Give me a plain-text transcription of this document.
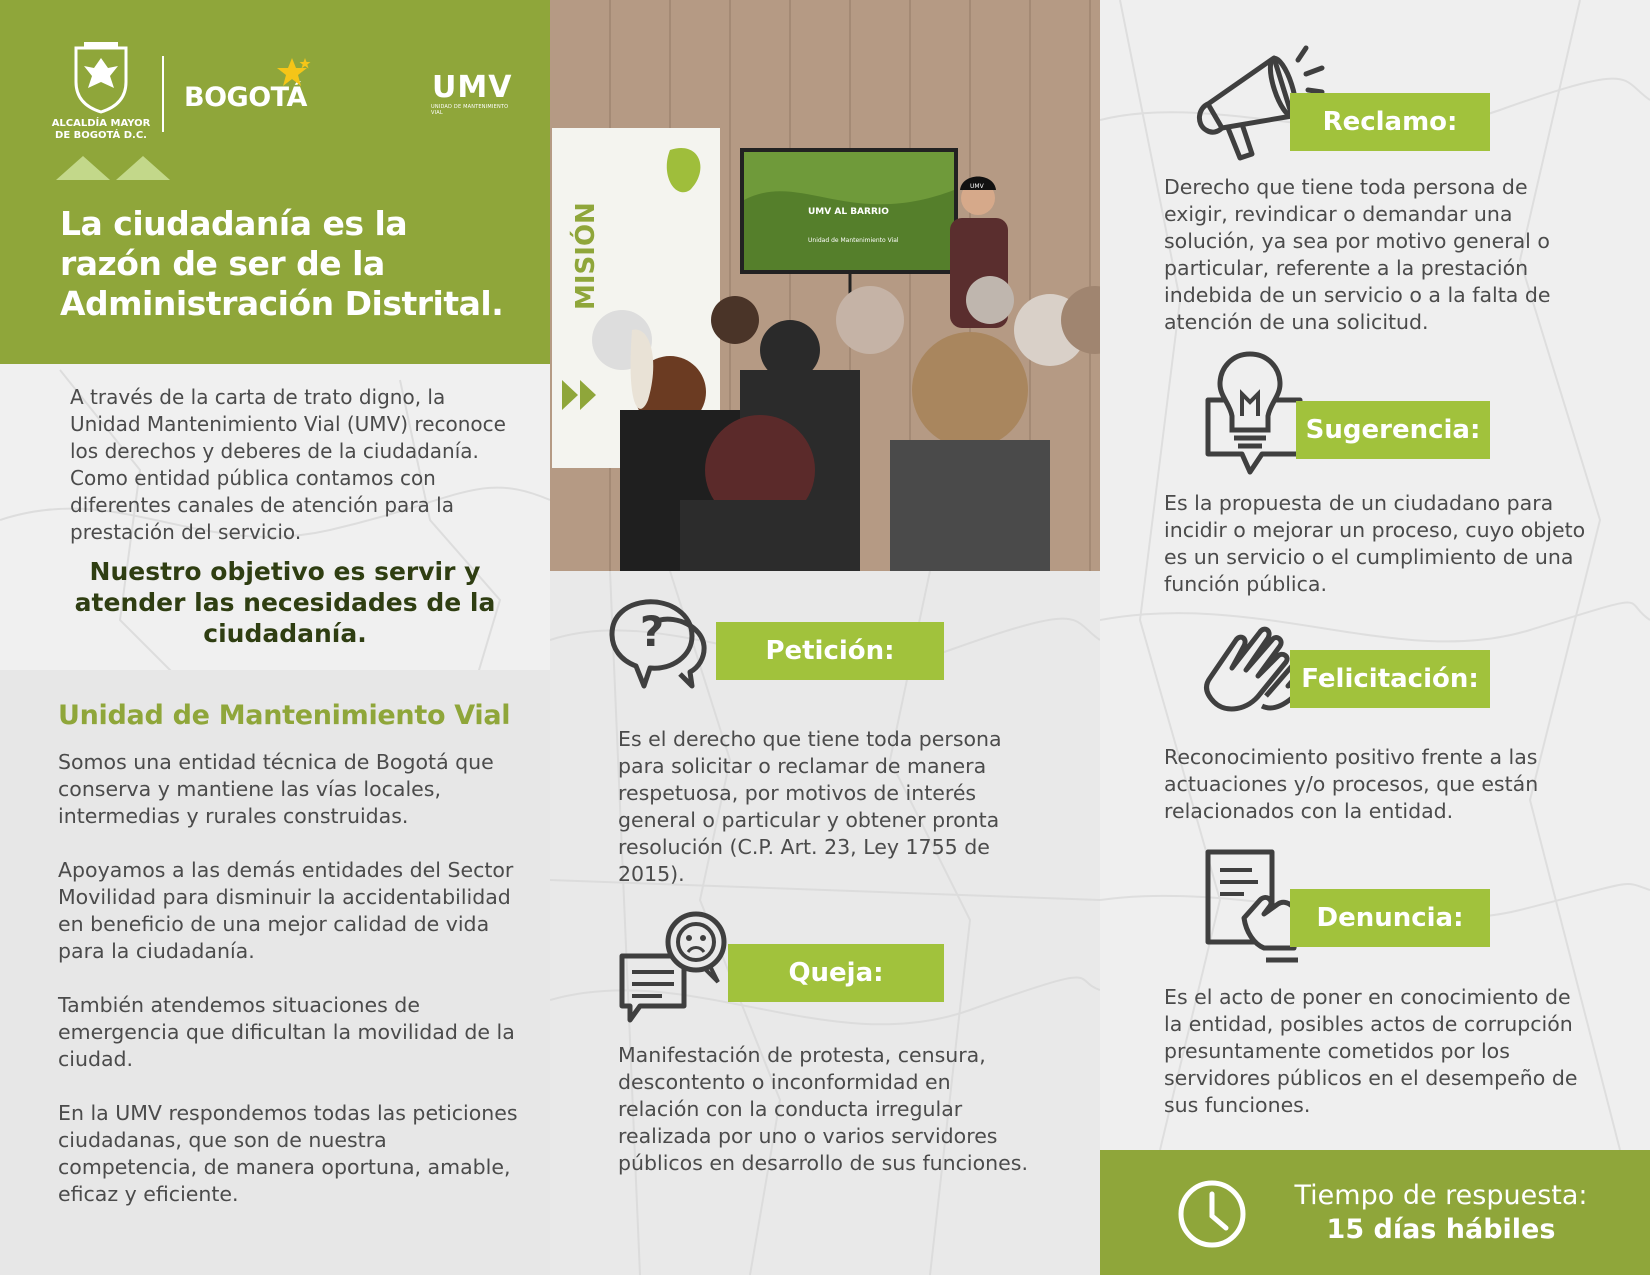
ALCALDÍA MAYOR
DE BOGOTÁ D.C.
BOGOTÁ	UMV
UNIDAD DE MANTENIMIENTO VIAL
La ciudadanía es la
razón de ser de la
Administración Distrital.

A través de la carta de trato digno, la Unidad Mantenimiento Vial (UMV) reconoce los derechos y deberes de la ciudadanía. Como entidad pública contamos con diferentes canales de atención para la prestación del servicio.

Nuestro objetivo es servir y atender las necesidades de la ciudadanía.

Unidad de Mantenimiento Vial

Somos una entidad técnica de Bogotá que conserva y mantiene las vías locales, intermedias y rurales construidas.

Apoyamos a las demás entidades del Sector Movilidad para disminuir la accidentabilidad en beneficio de una mejor calidad de vida para la ciudadanía.

También atendemos situaciones de emergencia que dificultan la movilidad de la ciudad.

En la UMV respondemos todas las peticiones ciudadanas, que son de nuestra competencia, de manera oportuna, amable, eficaz y eficiente.

MISIÓN	UMV AL BARRIO
Unidad de Mantenimiento Vial
UMV
?	Petición:

Es el derecho que tiene toda persona para solicitar o reclamar de manera respetuosa, por motivos de interés general o particular y obtener pronta resolución (C.P. Art. 23, Ley 1755 de 2015).

Queja:

Manifestación de protesta, censura, descontento o inconformidad en relación con la conducta irregular realizada por uno o varios servidores públicos en desarrollo de sus funciones.

Reclamo:

Derecho que tiene toda persona de exigir, revindicar o demandar una solución, ya sea por motivo general o particular, referente a la prestación indebida de un servicio o a la falta de atención de una solicitud.

Sugerencia:

Es la propuesta de un ciudadano para incidir o mejorar un proceso, cuyo objeto es un servicio o el cumplimiento de una función pública.

Felicitación:

Reconocimiento positivo frente a las actuaciones y/o procesos, que están relacionados con la entidad.

Denuncia:

Es el acto de poner en conocimiento de la entidad, posibles actos de corrupción presuntamente cometidos por los servidores públicos en el desempeño de sus funciones.

Tiempo de respuesta:
15 días hábiles
